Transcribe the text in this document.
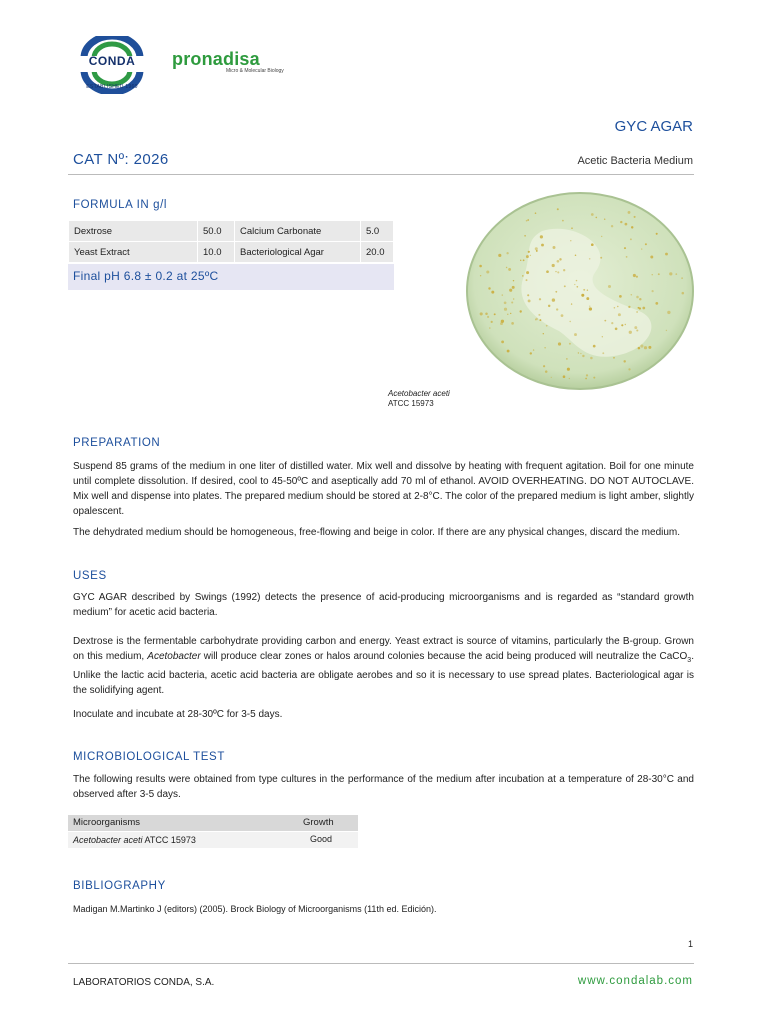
CONDA
ESTABLISHED 1960
pronadisa
Micro & Molecular Biology
GYC AGAR
CAT Nº: 2026	Acetic Bacteria Medium
FORMULA IN g/l
Dextrose	50.0	Calcium Carbonate	5.0
Yeast Extract	10.0	Bacteriological Agar	20.0
Final pH 6.8 ± 0.2 at 25ºC
Acetobacter aceti
ATCC 15973
PREPARATION

Suspend 85 grams of the medium in one liter of distilled water. Mix well and dissolve by heating with frequent agitation. Boil for one minute until complete dissolution. If desired, cool to 45-50ºC and aseptically add 70 ml of ethanol. AVOID OVERHEATING. DO NOT AUTOCLAVE. Mix well and dispense into plates. The prepared medium should be stored at 2-8°C. The color of the prepared medium is light amber, slightly opalescent.

The dehydrated medium should be homogeneous, free-flowing and beige in color. If there are any physical changes, discard the medium.

USES

GYC AGAR described by Swings (1992) detects the presence of acid-producing microorganisms and is regarded as “standard growth medium” for acetic acid bacteria.

Dextrose is the fermentable carbohydrate providing carbon and energy. Yeast extract is source of vitamins, particularly the B-group. Grown on this medium, Acetobacter will produce clear zones or halos around colonies because the acid being produced will neutralize the CaCO$_3$. Unlike the lactic acid bacteria, acetic acid bacteria are obligate aerobes and so it is necessary to use spread plates. Bacteriological agar is the solidifying agent.

Inoculate and incubate at 28-30ºC for 3-5 days.

MICROBIOLOGICAL TEST

The following results were obtained from type cultures in the performance of the medium after incubation at a temperature of 28-30°C and observed after 3-5 days.

Microorganisms	Growth
Acetobacter aceti ATCC 15973	Good
BIBLIOGRAPHY
Madigan M.Martinko J (editors) (2005). Brock Biology of Microorganisms (11th ed. Edición).
1
LABORATORIOS CONDA, S.A.	www.condalab.com
